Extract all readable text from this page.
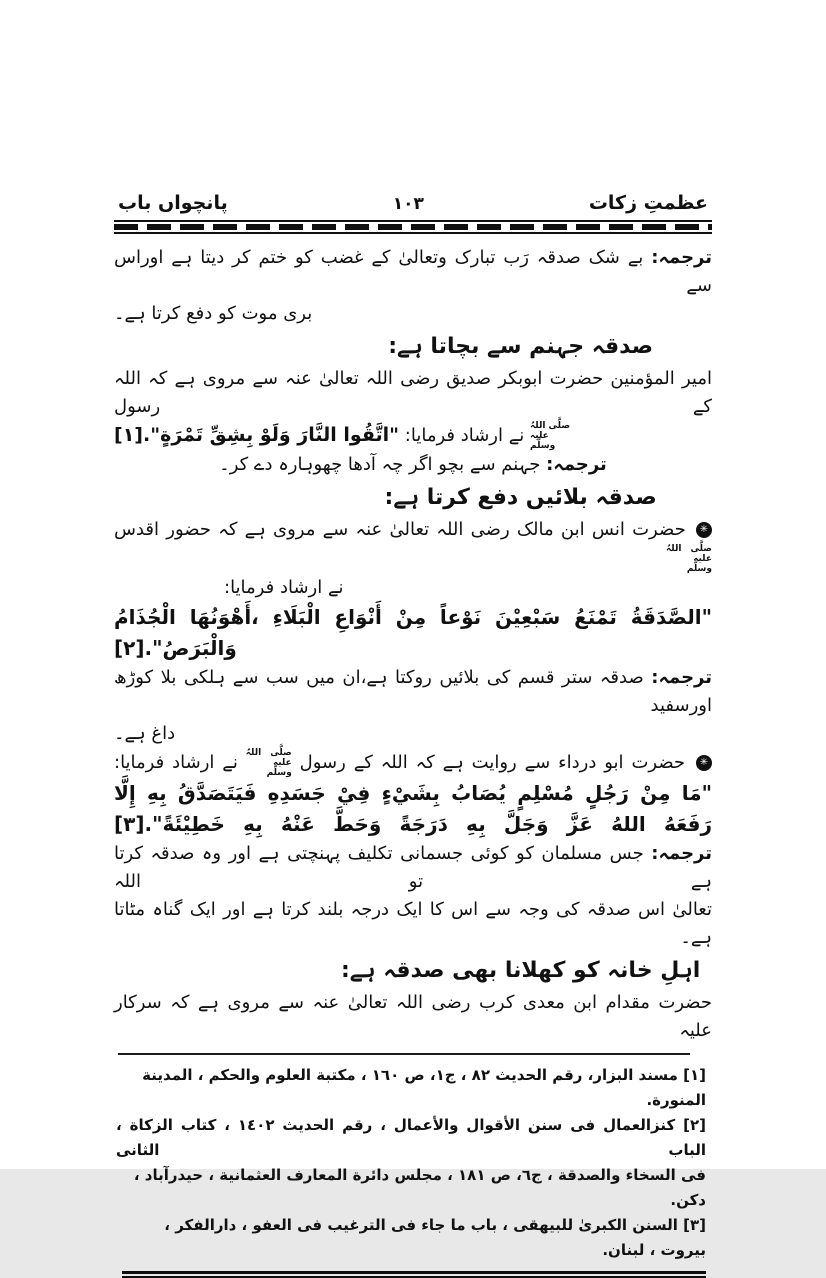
عظمتِ زکات
۱۰۳
پانچواں باب
ترجمہ: بے شک صدقہ رَب تبارک وتعالیٰ کے غضب کو ختم کر دیتا ہے اوراس سے
بری موت کو دفع کرتا ہے۔
صدقہ جہنم سے بچاتا ہے:
امیر المؤمنین حضرت ابوبکر صدیق رضی اللہ تعالیٰ عنہ سے مروی ہے کہ اللہ کے رسول
صلَّی اللہُ علیہ وسلَّم نے ارشاد فرمایا: "اتَّقُوا النَّارَ وَلَوْ بِشِقِّ تَمْرَةٍ".[١]
ترجمہ: جہنم سے بچو اگر چہ آدھا چھوہارہ دے کر۔
صدقہ بلائیں دفع کرتا ہے:
✳ حضرت انس ابن مالک رضی اللہ تعالیٰ عنہ سے مروی ہے کہ حضور اقدس صلَّی اللہُ علیہ وسلَّم
نے ارشاد فرمایا:
"الصَّدَقَةُ تَمْنَعُ سَبْعِيْنَ نَوْعاً مِنْ أَنْوَاعِ الْبَلَاءِ ،أَهْوَنُهَا الْجُذَامُ
وَالْبَرَصُ".[٢]
ترجمہ: صدقہ ستر قسم کی بلائیں روکتا ہے،ان میں سب سے ہلکی بلا کوڑھ اورسفید
داغ ہے۔
✳ حضرت ابو درداء سے روایت ہے کہ اللہ کے رسول صلَّی اللہُ علیہ وسلَّم نے ارشاد فرمایا:
"مَا مِنْ رَجُلٍ مُسْلِمٍ يُصَابُ بِشَيْءٍ فِيْ جَسَدِهِ فَيَتَصَدَّقُ بِهِ إِلَّا
رَفَعَهُ اللهُ عَزَّ وَجَلَّ بِهِ دَرَجَةً وَحَطَّ عَنْهُ بِهِ خَطِيْئَةً".[٣]
ترجمہ: جس مسلمان کو کوئی جسمانی تکلیف پہنچتی ہے اور وہ صدقہ کرتا ہے تو اللہ
تعالیٰ اس صدقہ کی وجہ سے اس کا ایک درجہ بلند کرتا ہے اور ایک گناہ مٹاتا ہے۔
اہلِ خانہ کو کھلانا بھی صدقہ ہے:
حضرت مقدام ابن معدی کرب رضی اللہ تعالیٰ عنہ سے مروی ہے کہ سرکار علیہ
[١] مسند البزار، رقم الحديث ٨٢ ، ج١، ص ١٦٠ ، مكتبة العلوم والحكم ، المدينة المنورة.
[٢] كنزالعمال فى سنن الأقوال والأعمال ، رقم الحديث ١٤٠٢ ، كتاب الزكاة ، الباب الثانى
فى السخاء والصدقة ، ج٦، ص ١٨١ ، مجلس دائرة المعارف العثمانية ، حيدرآباد ، دكن.
[٣] السنن الكبرىٰ للبيهقى ، باب ما جاء فى الترغيب فى العفو ، دارالفكر ، بيروت ، لبنان.
